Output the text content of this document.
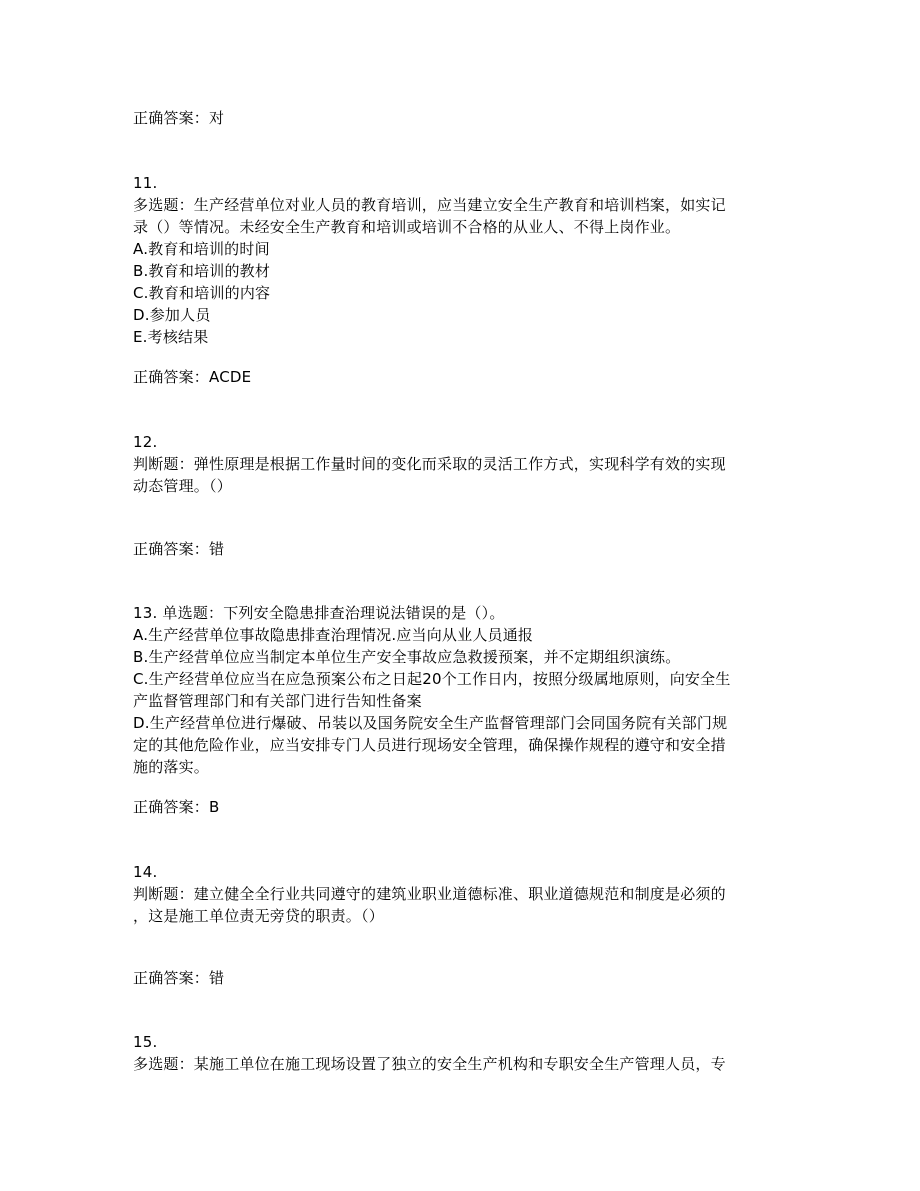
正确答案：对
11.
多选题：生产经营单位对业人员的教育培训，应当建立安全生产教育和培训档案，如实记
录（）等情况。未经安全生产教育和培训或培训不合格的从业人、不得上岗作业。
A.教育和培训的时间
B.教育和培训的教材
C.教育和培训的内容
D.参加人员
E.考核结果
正确答案：ACDE
12.
判断题：弹性原理是根据工作量时间的变化而采取的灵活工作方式，实现科学有效的实现
动态管理。（）
正确答案：错
13. 单选题：下列安全隐患排查治理说法错误的是（）。
A.生产经营单位事故隐患排查治理情况.应当向从业人员通报
B.生产经营单位应当制定本单位生产安全事故应急救援预案，并不定期组织演练。
C.生产经营单位应当在应急预案公布之日起20个工作日内，按照分级属地原则，向安全生
产监督管理部门和有关部门进行告知性备案
D.生产经营单位进行爆破、吊装以及国务院安全生产监督管理部门会同国务院有关部门规
定的其他危险作业，应当安排专门人员进行现场安全管理，确保操作规程的遵守和安全措
施的落实。
正确答案：B
14.
判断题：建立健全全行业共同遵守的建筑业职业道德标准、职业道德规范和制度是必须的
，这是施工单位责无旁贷的职责。（）
正确答案：错
15.
多选题：某施工单位在施工现场设置了独立的安全生产机构和专职安全生产管理人员，专
